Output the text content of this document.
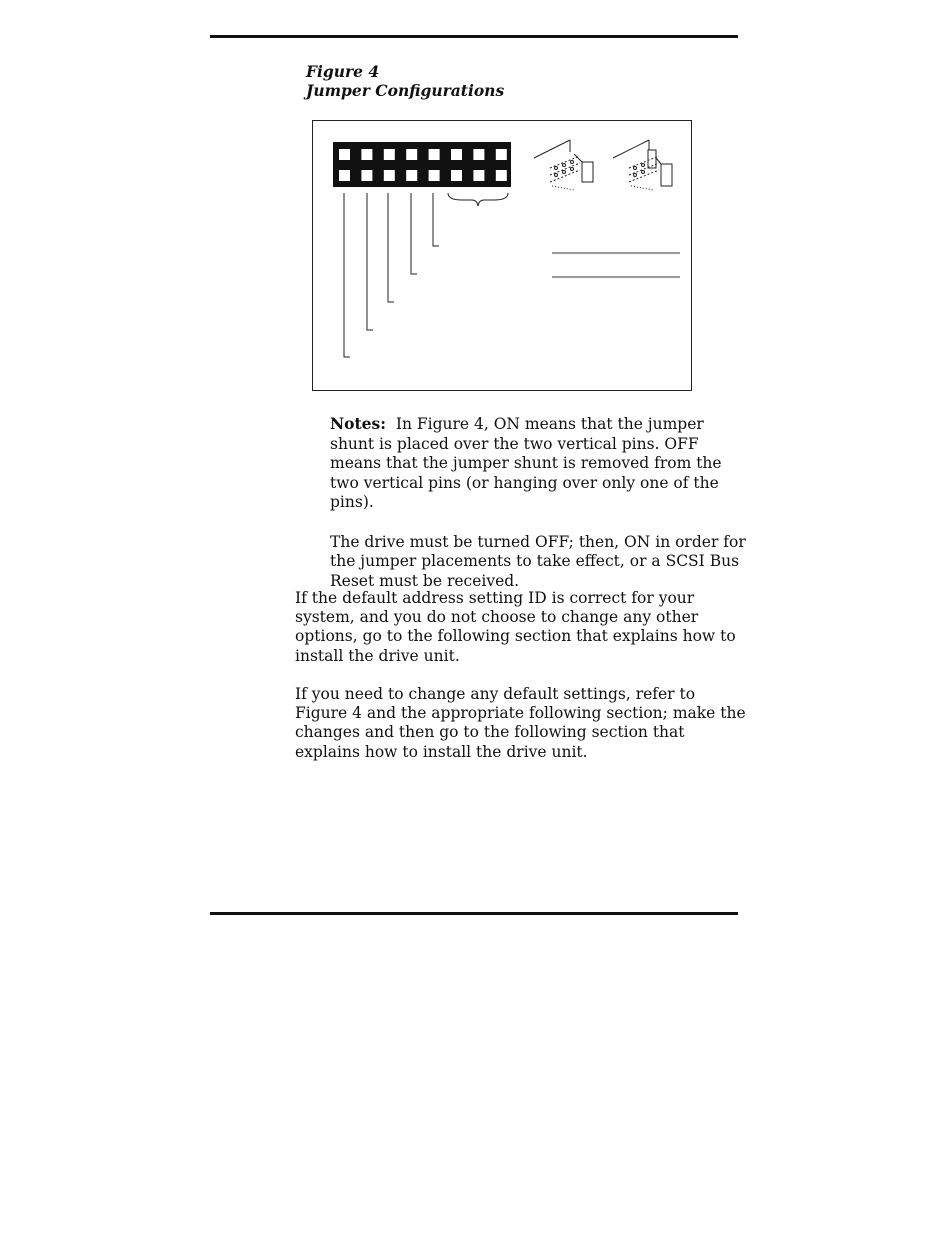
Figure 4
Jumper Configurations

Notes: In Figure 4, ON means that the jumper shunt is placed over the two vertical pins. OFF means that the jumper shunt is removed from the two vertical pins (or hanging over only one of the pins).

The drive must be turned OFF; then, ON in order for the jumper placements to take effect, or a SCSI Bus Reset must be received.

If the default address setting ID is correct for your system, and you do not choose to change any other options, go to the following section that explains how to install the drive unit.

If you need to change any default settings, refer to Figure 4 and the appropriate following section; make the changes and then go to the following section that explains how to install the drive unit.
